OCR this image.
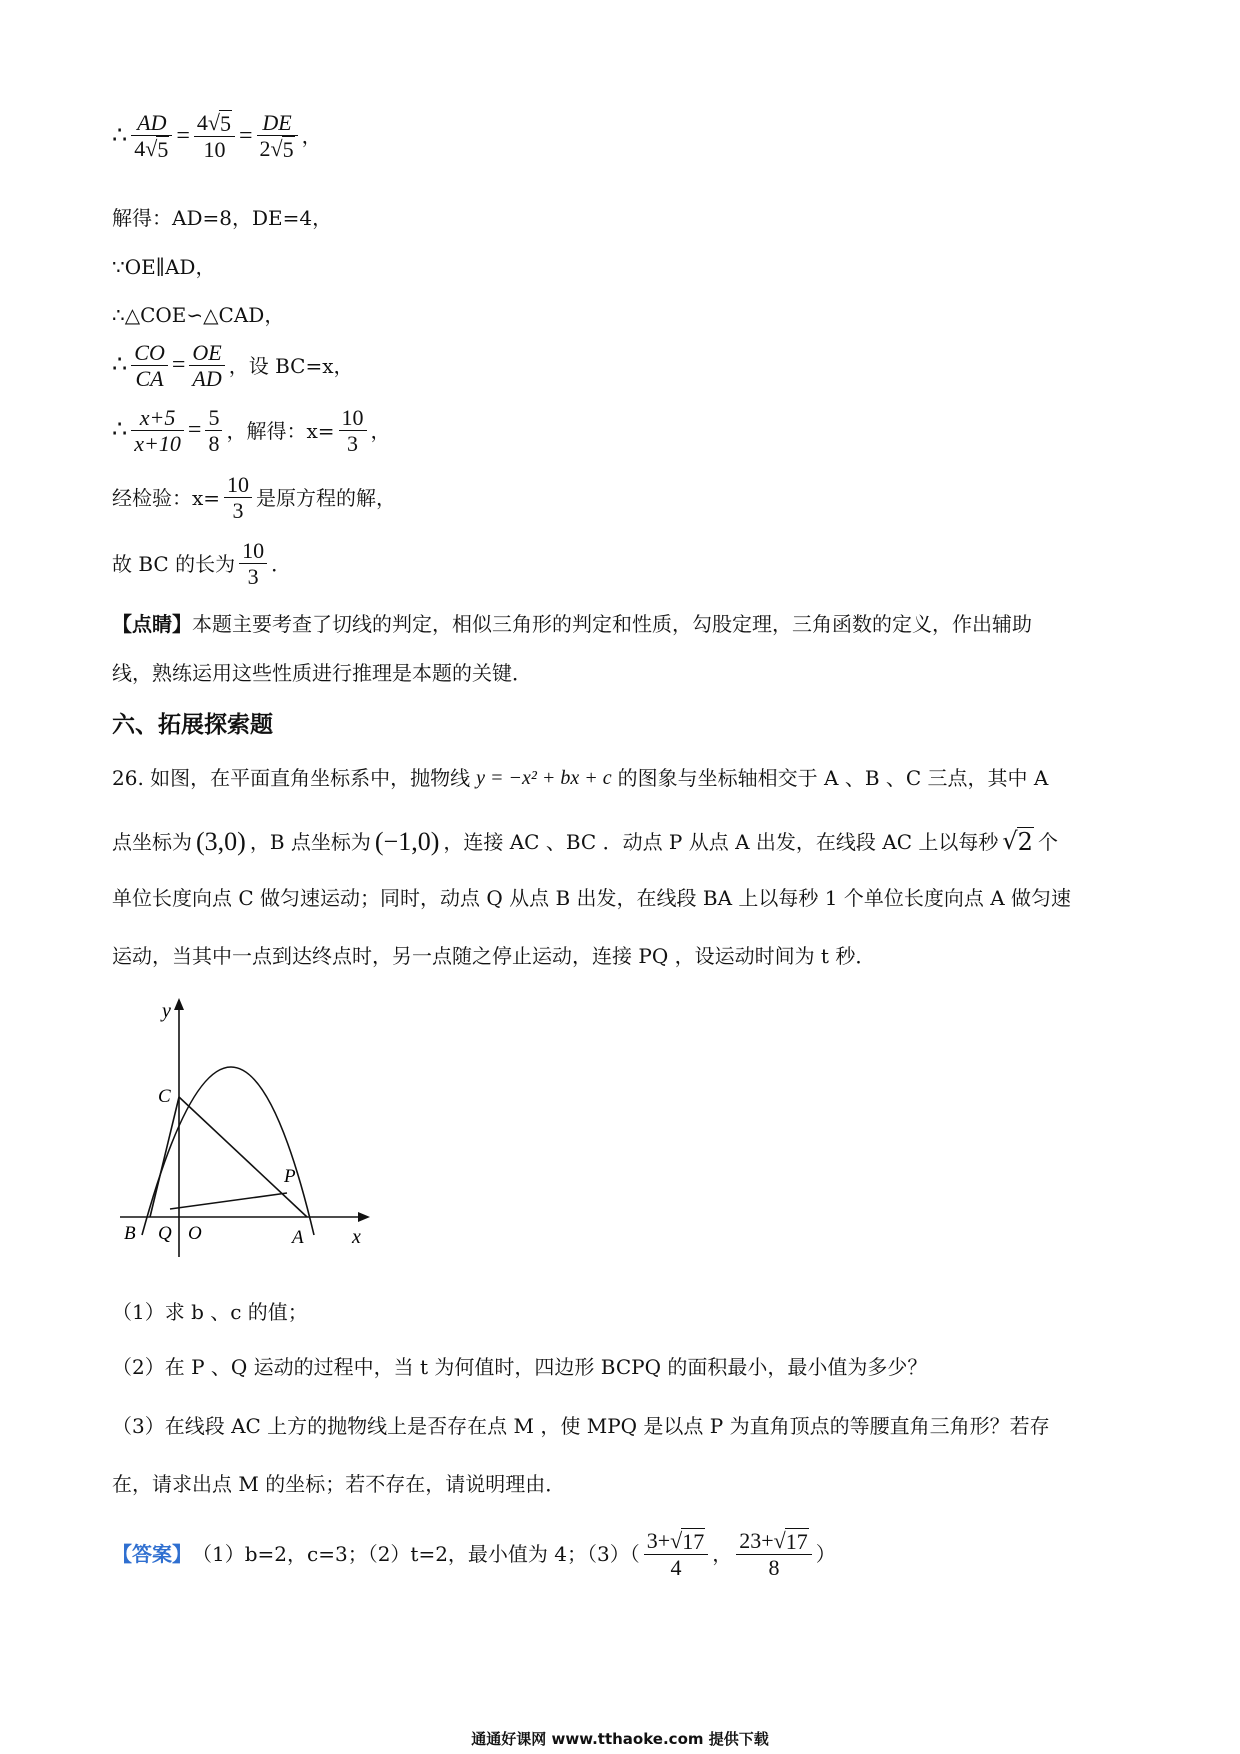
∴ $\frac{AD}{4√ 5} = \frac{4√ 5}{10} = \frac{DE}{2√ 5}$ ，
解得：AD=8，DE=4，
∵OE∥AD，
∴△COE∽△CAD，
∴ $\frac{CO}{CA} = \frac{OE}{AD}$ ，设 BC=x，
∴ $\frac{x+5}{x+10} = \frac{5}{8}$ ，解得：$x= \frac{10}{3}$ ，
经检验：$x= \frac{10}{3}$ 是原方程的解，
故 BC 的长为 $\frac{10}{3}$ ．
【点睛】 本题主要考查了切线的判定，相似三角形的判定和性质，勾股定理，三角函数的定义，作出辅助
线，熟练运用这些性质进行推理是本题的关键．
六、拓展探索题
26. 如图，在平面直角坐标系中，抛物线 y = −x² + bx + c 的图象与坐标轴相交于 A 、B 、C 三点，其中 A
点坐标为 (3,0) ，B 点坐标为 (−1,0) ，连接 AC 、BC ．动点 P 从点 A 出发，在线段 AC 上以每秒 √ 2 个
单位长度向点 C 做匀速运动；同时，动点 Q 从点 B 出发，在线段 BA 上以每秒 1 个单位长度向点 A 做匀速
运动，当其中一点到达终点时，另一点随之停止运动，连接 PQ ，设运动时间为 t 秒．
y
x
C
P
B Q O	A
（1）求 b 、c 的值；
（2）在 P 、Q 运动的过程中，当 t 为何值时，四边形 BCPQ 的面积最小，最小值为多少？
（3）在线段 AC 上方的抛物线上是否存在点 M ，使 MPQ 是以点 P 为直角顶点的等腰直角三角形？若存
在，请求出点 M 的坐标；若不存在，请说明理由．
【答案】 （1）b=2，c=3；（2）t=2，最小值为 4；$(3)( \frac{3+√ 17}{4}$ ， $\frac{23+√ 17}{8}$ ）
通通好课网 www.tthaoke.com 提供下载
